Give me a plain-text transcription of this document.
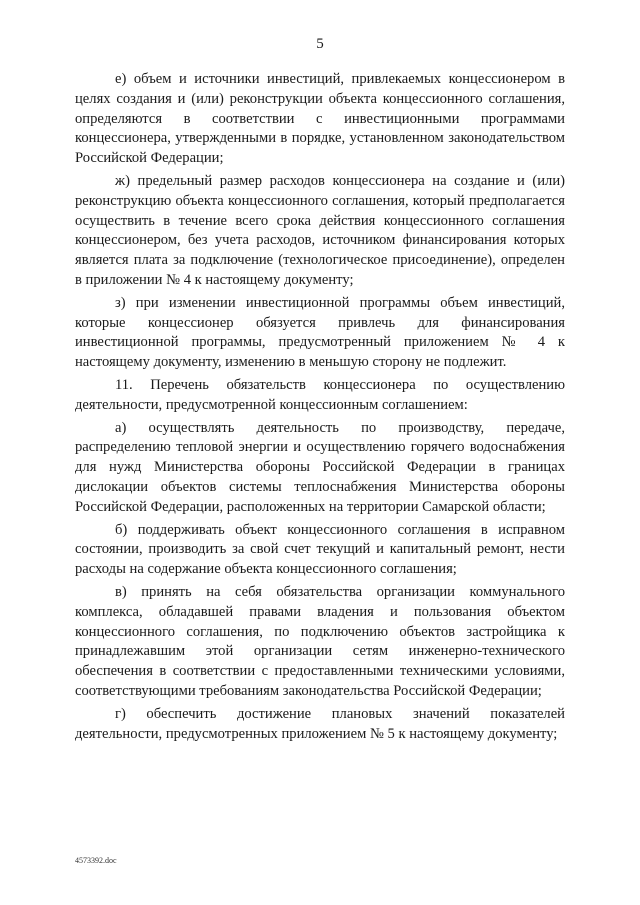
5

е) объем и источники инвестиций, привлекаемых концессионером в целях создания и (или) реконструкции объекта концессионного соглашения, определяются в соответствии с инвестиционными программами концессионера, утвержденными в порядке, установленном законодательством Российской Федерации;

ж) предельный размер расходов концессионера на создание и (или) реконструкцию объекта концессионного соглашения, который предполагается осуществить в течение всего срока действия концессионного соглашения концессионером, без учета расходов, источником финансирования которых является плата за подключение (технологическое присоединение), определен в приложении № 4 к настоящему документу;

з) при изменении инвестиционной программы объем инвестиций, которые концессионер обязуется привлечь для финансирования инвестиционной программы, предусмотренный приложением № 4 к настоящему документу, изменению в меньшую сторону не подлежит.

11. Перечень обязательств концессионера по осуществлению деятельности, предусмотренной концессионным соглашением:

а) осуществлять деятельность по производству, передаче, распределению тепловой энергии и осуществлению горячего водоснабжения для нужд Министерства обороны Российской Федерации в границах дислокации объектов системы теплоснабжения Министерства обороны Российской Федерации, расположенных на территории Самарской области;

б) поддерживать объект концессионного соглашения в исправном состоянии, производить за свой счет текущий и капитальный ремонт, нести расходы на содержание объекта концессионного соглашения;

в) принять на себя обязательства организации коммунального комплекса, обладавшей правами владения и пользования объектом концессионного соглашения, по подключению объектов застройщика к принадлежавшим этой организации сетям инженерно-технического обеспечения в соответствии с предоставленными техническими условиями, соответствующими требованиям законодательства Российской Федерации;

г) обеспечить достижение плановых значений показателей деятельности, предусмотренных приложением № 5 к настоящему документу;

4573392.doc
